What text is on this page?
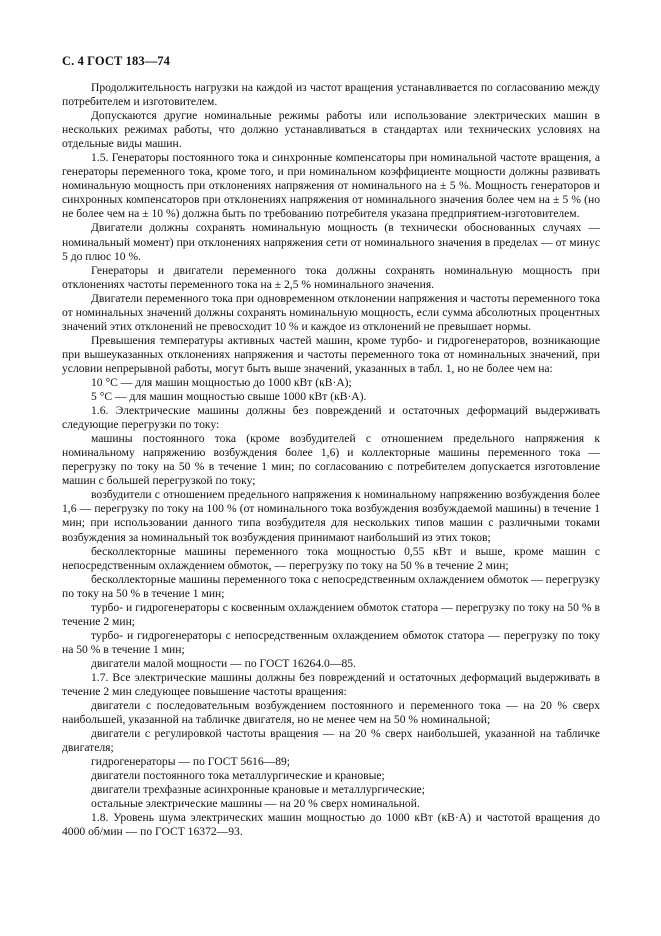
С. 4 ГОСТ 183—74

Продолжительность нагрузки на каждой из частот вращения устанавливается по согласованию между потребителем и изготовителем.

Допускаются другие номинальные режимы работы или использование электрических машин в нескольких режимах работы, что должно устанавливаться в стандартах или технических условиях на отдельные виды машин.

1.5. Генераторы постоянного тока и синхронные компенсаторы при номинальной частоте вращения, а генераторы переменного тока, кроме того, и при номинальном коэффициенте мощности должны развивать номинальную мощность при отклонениях напряжения от номинального на ± 5 %. Мощность генераторов и синхронных компенсаторов при отклонениях напряжения от номинального значения более чем на ± 5 % (но не более чем на ± 10 %) должна быть по требованию потребителя указана предприятием-изготовителем.

Двигатели должны сохранять номинальную мощность (в технически обоснованных случаях — номинальный момент) при отклонениях напряжения сети от номинального значения в пределах — от минус 5 до плюс 10 %.

Генераторы и двигатели переменного тока должны сохранять номинальную мощность при отклонениях частоты переменного тока на ± 2,5 % номинального значения.

Двигатели переменного тока при одновременном отклонении напряжения и частоты переменного тока от номинальных значений должны сохранять номинальную мощность, если сумма абсолютных процентных значений этих отклонений не превосходит 10 % и каждое из отклонений не превышает нормы.

Превышения температуры активных частей машин, кроме турбо- и гидрогенераторов, возникающие при вышеуказанных отклонениях напряжения и частоты переменного тока от номинальных значений, при условии непрерывной работы, могут быть выше значений, указанных в табл. 1, но не более чем на:

10 °С — для машин мощностью до 1000 кВт (кВ·А);

5 °С — для машин мощностью свыше 1000 кВт (кВ·А).

1.6. Электрические машины должны без повреждений и остаточных деформаций выдерживать следующие перегрузки по току:

машины постоянного тока (кроме возбудителей с отношением предельного напряжения к номинальному напряжению возбуждения более 1,6) и коллекторные машины переменного тока — перегрузку по току на 50 % в течение 1 мин; по согласованию с потребителем допускается изготовление машин с большей перегрузкой по току;

возбудители с отношением предельного напряжения к номинальному напряжению возбуждения более 1,6 — перегрузку по току на 100 % (от номинального тока возбуждения возбуждаемой машины) в течение 1 мин; при использовании данного типа возбудителя для нескольких типов машин с различными токами возбуждения за номинальный ток возбуждения принимают наибольший из этих токов;

бесколлекторные машины переменного тока мощностью 0,55 кВт и выше, кроме машин с непосредственным охлаждением обмоток, — перегрузку по току на 50 % в течение 2 мин;

бесколлекторные машины переменного тока с непосредственным охлаждением обмоток — перегрузку по току на 50 % в течение 1 мин;

турбо- и гидрогенераторы с косвенным охлаждением обмоток статора — перегрузку по току на 50 % в течение 2 мин;

турбо- и гидрогенераторы с непосредственным охлаждением обмоток статора — перегрузку по току на 50 % в течение 1 мин;

двигатели малой мощности — по ГОСТ 16264.0—85.

1.7. Все электрические машины должны без повреждений и остаточных деформаций выдерживать в течение 2 мин следующее повышение частоты вращения:

двигатели с последовательным возбуждением постоянного и переменного тока — на 20 % сверх наибольшей, указанной на табличке двигателя, но не менее чем на 50 % номинальной;

двигатели с регулировкой частоты вращения — на 20 % сверх наибольшей, указанной на табличке двигателя;

гидрогенераторы — по ГОСТ 5616—89;

двигатели постоянного тока металлургические и крановые;

двигатели трехфазные асинхронные крановые и металлургические;

остальные электрические машины — на 20 % сверх номинальной.

1.8. Уровень шума электрических машин мощностью до 1000 кВт (кВ·А) и частотой вращения до 4000 об/мин — по ГОСТ 16372—93.
